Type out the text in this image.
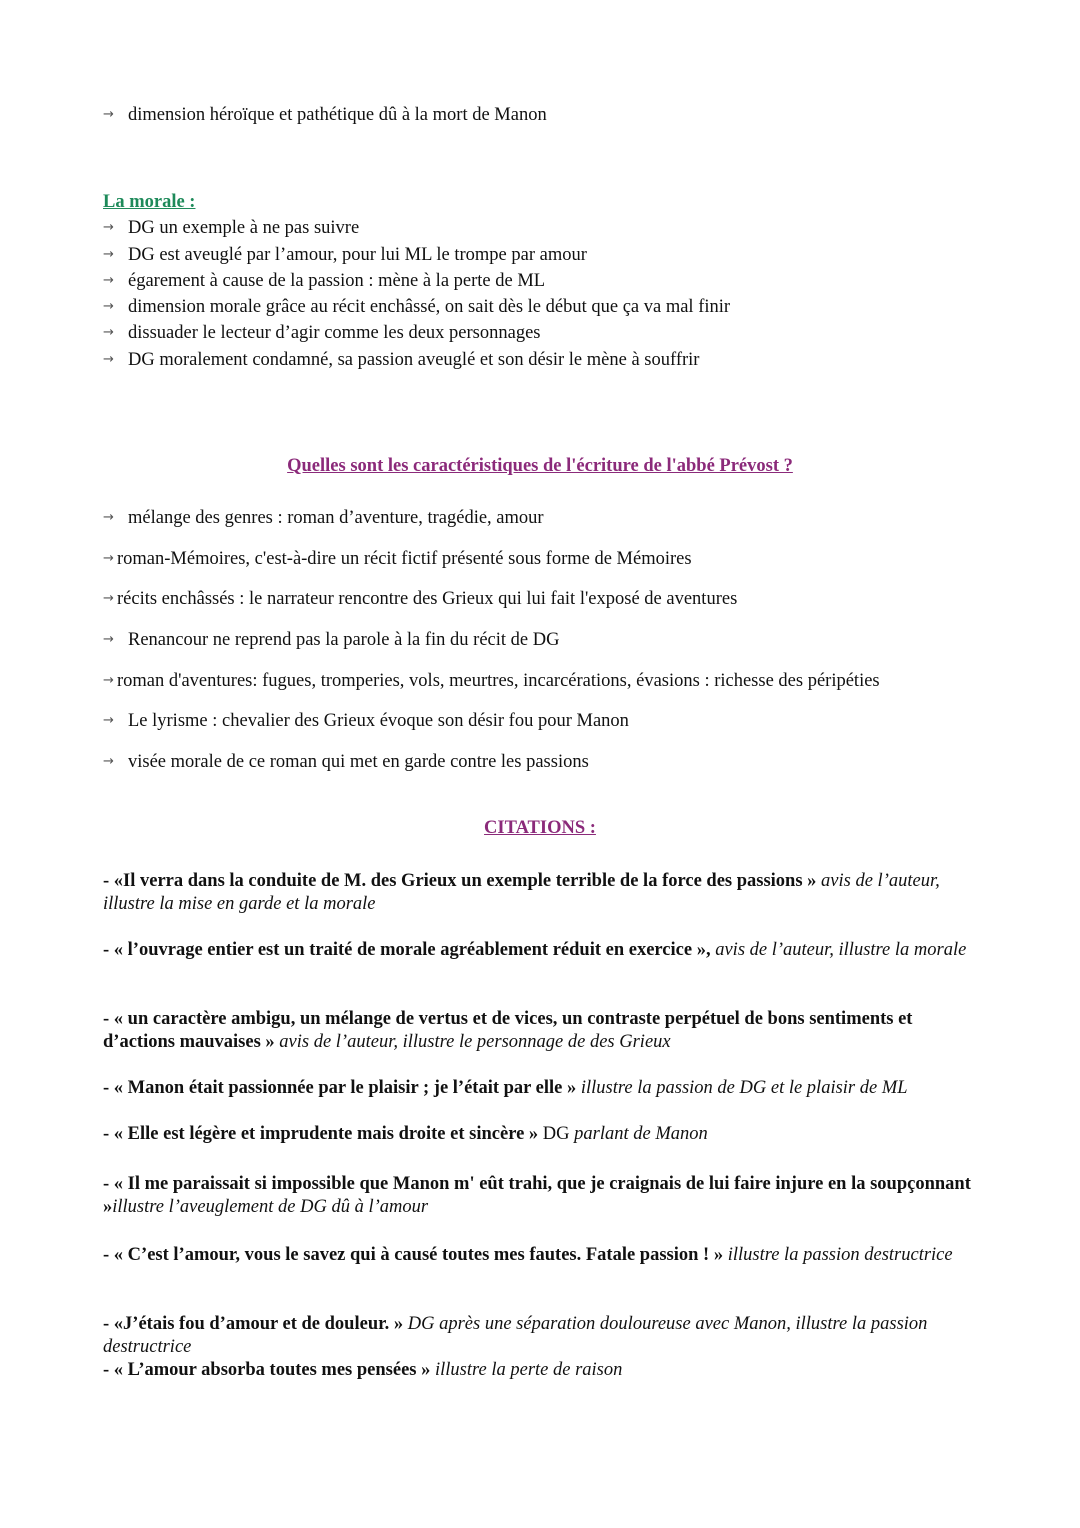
→ dimension héroïque et pathétique dû à la mort de Manon
La morale :
→ DG un exemple à ne pas suivre
→ DG est aveuglé par l’amour, pour lui ML le trompe par amour
→ égarement à cause de la passion : mène à la perte de ML
→ dimension morale grâce au récit enchâssé, on sait dès le début que ça va mal finir
→ dissuader le lecteur d’agir comme les deux personnages
→ DG moralement condamné, sa passion aveuglé et son désir le mène à souffrir
Quelles sont les caractéristiques de l'écriture de l'abbé Prévost ?
→ mélange des genres : roman d’aventure, tragédie, amour
→ roman-Mémoires, c'est-à-dire un récit fictif présenté sous forme de Mémoires
→ récits enchâssés : le narrateur rencontre des Grieux qui lui fait l'exposé de aventures
→ Renancour ne reprend pas la parole à la fin du récit de DG
→ roman d'aventures: fugues, tromperies, vols, meurtres, incarcérations, évasions : richesse des péripéties
→ Le lyrisme : chevalier des Grieux évoque son désir fou pour Manon
→ visée morale de ce roman qui met en garde contre les passions
CITATIONS :
- «Il verra dans la conduite de M. des Grieux un exemple terrible de la force des passions » avis de l’auteur, illustre la mise en garde et la morale
- « l’ouvrage entier est un traité de morale agréablement réduit en exercice », avis de l’auteur, illustre la morale
- « un caractère ambigu, un mélange de vertus et de vices, un contraste perpétuel de bons sentiments et d’actions mauvaises » avis de l’auteur, illustre le personnage de des Grieux
- « Manon était passionnée par le plaisir ; je l’était par elle » illustre la passion de DG et le plaisir de ML
- « Elle est légère et imprudente mais droite et sincère » DG parlant de Manon
- « Il me paraissait si impossible que Manon m' eût trahi, que je craignais de lui faire injure en la soupçonnant »illustre l’aveuglement de DG dû à l’amour
- « C’est l’amour, vous le savez qui à causé toutes mes fautes. Fatale passion ! » illustre la passion destructrice
- «J’étais fou d’amour et de douleur. » DG après une séparation douloureuse avec Manon, illustre la passion destructrice
- « L’amour absorba toutes mes pensées » illustre la perte de raison
